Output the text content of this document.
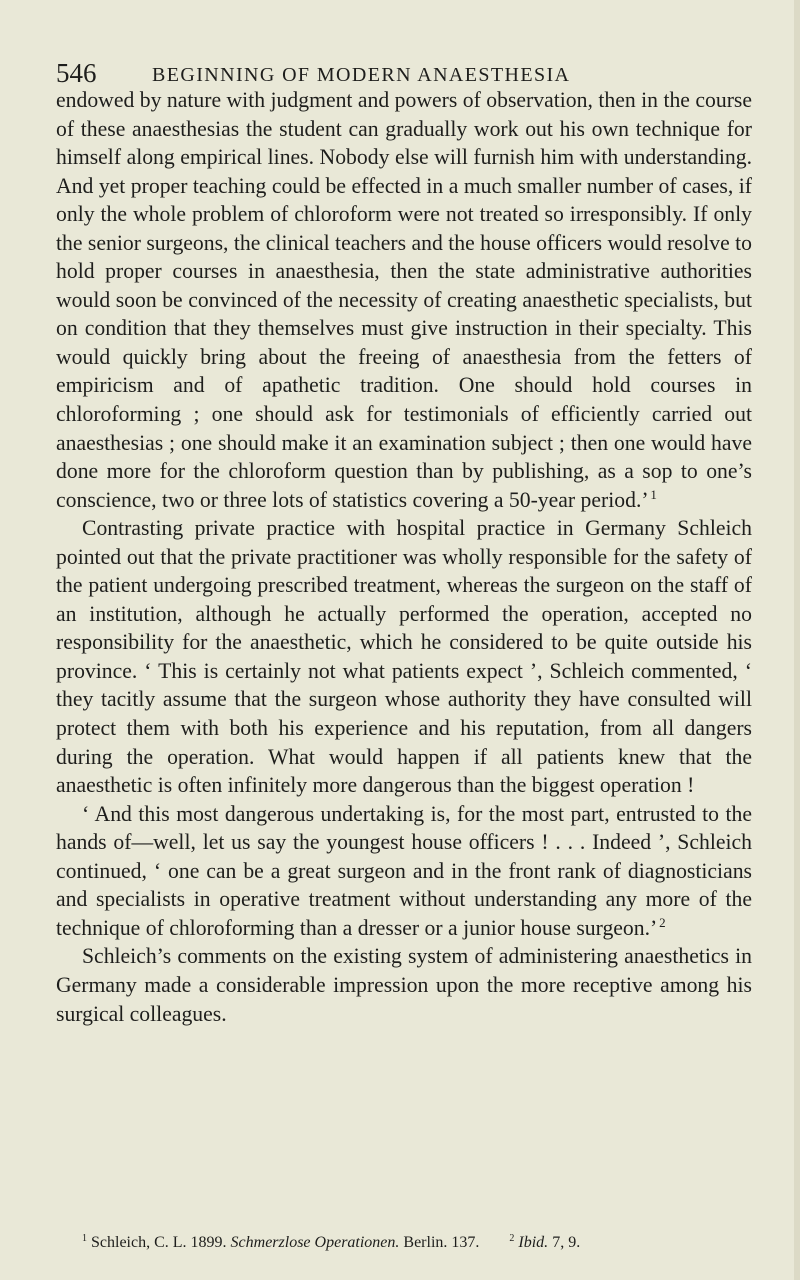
546	BEGINNING OF MODERN ANAESTHESIA

endowed by nature with judgment and powers of observation, then in the course of these anaesthesias the student can gradually work out his own technique for himself along empirical lines. Nobody else will furnish him with understanding. And yet proper teaching could be effected in a much smaller number of cases, if only the whole problem of chloroform were not treated so irresponsibly. If only the senior surgeons, the clinical teachers and the house officers would resolve to hold proper courses in anaesthesia, then the state administrative authorities would soon be convinced of the necessity of creating anaesthetic specialists, but on condition that they themselves must give instruction in their specialty. This would quickly bring about the freeing of anaesthesia from the fetters of empiricism and of apathetic tradition. One should hold courses in chloroforming ; one should ask for testimonials of efficiently carried out anaesthesias ; one should make it an examination subject ; then one would have done more for the chloroform question than by publishing, as a sop to one’s conscience, two or three lots of statistics covering a 50-year period.’  $^1$

Contrasting private practice with hospital practice in Germany Schleich pointed out that the private practitioner was wholly responsible for the safety of the patient undergoing prescribed treatment, whereas the surgeon on the staff of an institution, although he actually performed the operation, accepted no responsibility for the anaesthetic, which he considered to be quite outside his province. ‘ This is certainly not what patients expect ’, Schleich commented, ‘ they tacitly assume that the surgeon whose authority they have consulted will protect them with both his experience and his reputation, from all dangers during the operation. What would happen if all patients knew that the anaesthetic is often infinitely more dangerous than the biggest operation !

‘ And this most dangerous undertaking is, for the most part, entrusted to the hands of—well, let us say the youngest house officers ! . . . Indeed ’, Schleich continued, ‘ one can be a great surgeon and in the front rank of diagnosticians and specialists in operative treatment without understanding any more of the technique of chloroforming than a dresser or a junior house surgeon.’  $^2$

Schleich’s comments on the existing system of administering anaesthetics in Germany made a considerable impression upon the more receptive among his surgical colleagues.

$^1$ Schleich, C. L. 1899. Schmerzlose Operationen. Berlin. 137.	$^2$ Ibid. 7, 9.
